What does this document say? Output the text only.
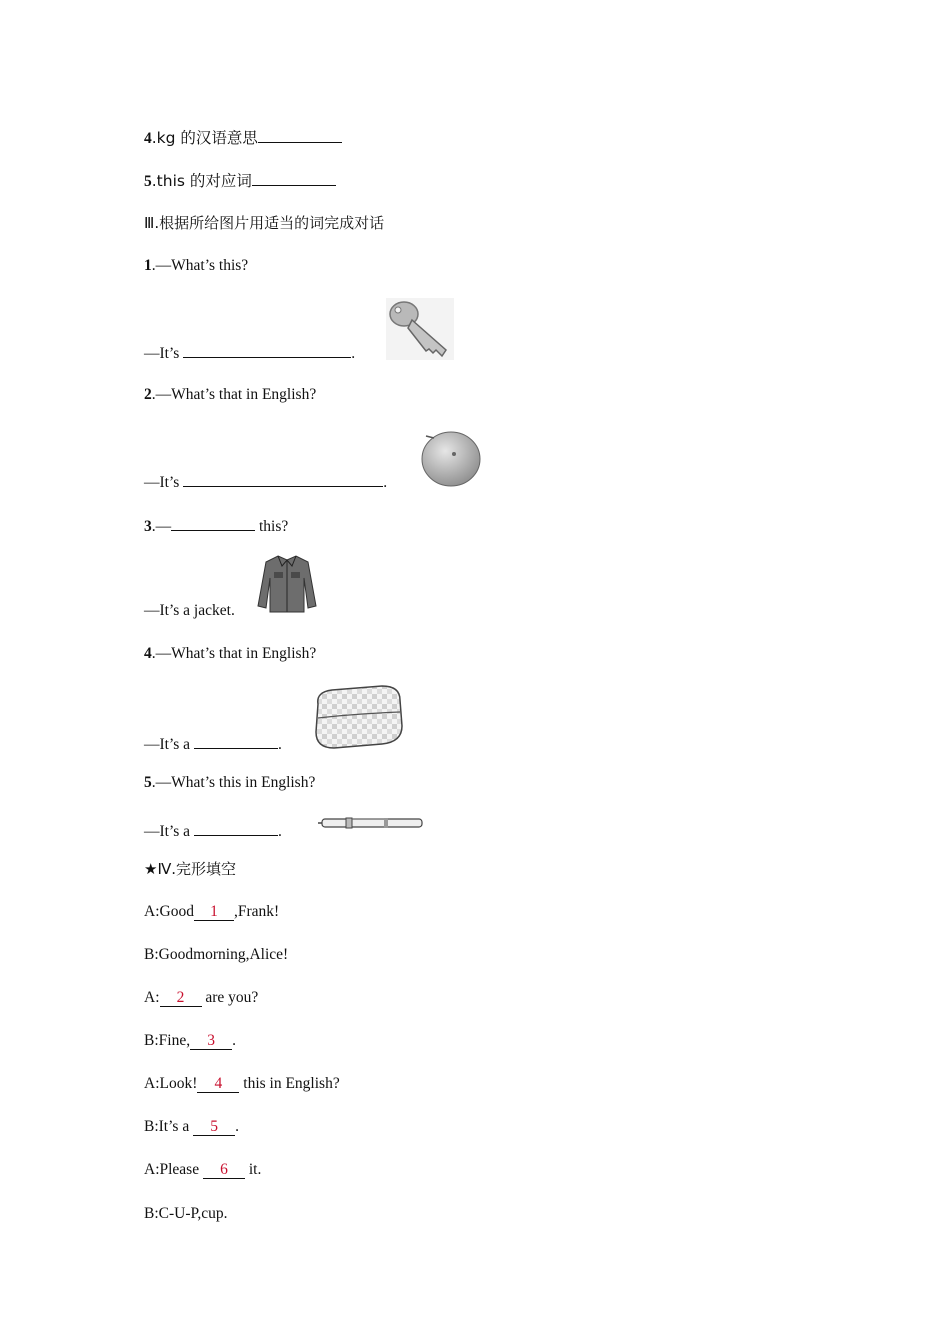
4.kg 的汉语意思
5.this 的对应词
Ⅲ.根据所给图片用适当的词完成对话
1.—What’s this?
—It’s	.
2.—What’s that in English?
—It’s	.
3.—	this?
—It’s a jacket.
4.—What’s that in English?
—It’s a	.
5.—What’s this in English?
—It’s a	.
★Ⅳ.完形填空
A:Good 1 ,Frank!
B:Goodmorning,Alice!
A: 2 are you?
B:Fine, 3 .
A:Look! 4 this in English?
B:It’s a 5 .
A:Please 6 it.
B:C-U-P,cup.
